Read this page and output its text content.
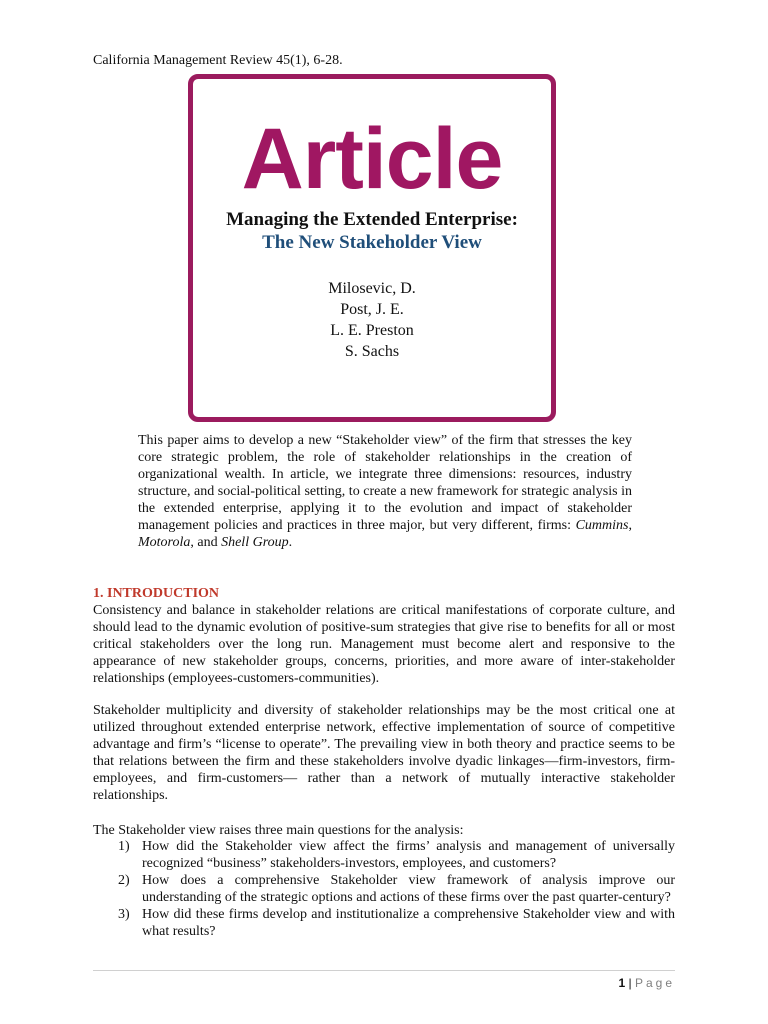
California Management Review 45(1), 6-28.
Article
Managing the Extended Enterprise:
The New Stakeholder View
Milosevic, D.
Post, J. E.
L. E. Preston
S. Sachs
This paper aims to develop a new “Stakeholder view” of the firm that stresses the key core strategic problem, the role of stakeholder relationships in the creation of organizational wealth. In article, we integrate three dimensions: resources, industry structure, and social-political setting, to create a new framework for strategic analysis in the extended enterprise, applying it to the evolution and impact of stakeholder management policies and practices in three major, but very different, firms: Cummins, Motorola, and Shell Group.
1. INTRODUCTION
Consistency and balance in stakeholder relations are critical manifestations of corporate culture, and should lead to the dynamic evolution of positive-sum strategies that give rise to benefits for all or most critical stakeholders over the long run. Management must become alert and responsive to the appearance of new stakeholder groups, concerns, priorities, and more aware of inter-stakeholder relationships (employees-customers-communities).
Stakeholder multiplicity and diversity of stakeholder relationships may be the most critical one at utilized throughout extended enterprise network, effective implementation of source of competitive advantage and firm’s “license to operate”. The prevailing view in both theory and practice seems to be that relations between the firm and these stakeholders involve dyadic linkages—firm-investors, firm-employees, and firm-customers— rather than a network of mutually interactive stakeholder relationships.
The Stakeholder view raises three main questions for the analysis:
1) How did the Stakeholder view affect the firms’ analysis and management of universally recognized “business” stakeholders-investors, employees, and customers?
2) How does a comprehensive Stakeholder view framework of analysis improve our understanding of the strategic options and actions of these firms over the past quarter-century?
3) How did these firms develop and institutionalize a comprehensive Stakeholder view and with what results?
1 | Page
